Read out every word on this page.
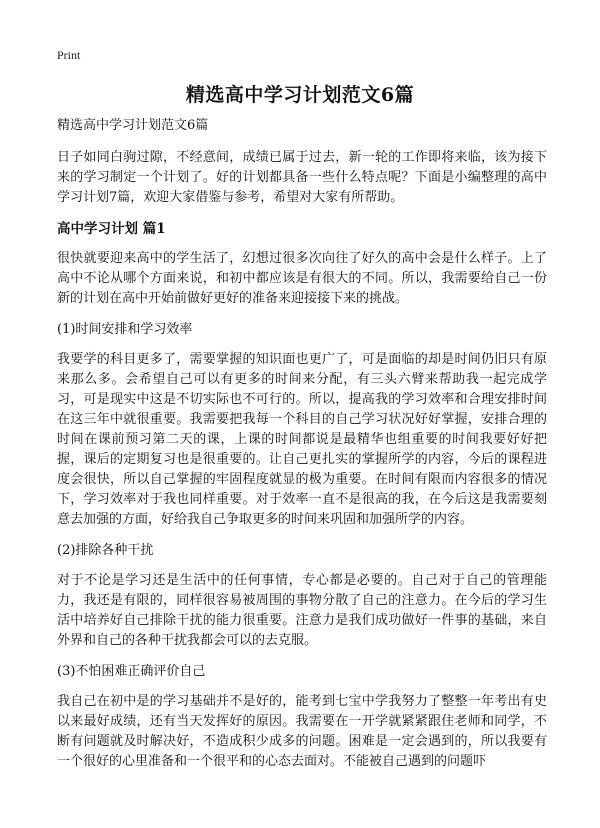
Print
精选高中学习计划范文6篇

精选高中学习计划范文6篇

日子如同白驹过隙，不经意间，成绩已属于过去，新一轮的工作即将来临，该为接下来的学习制定一个计划了。好的计划都具备一些什么特点呢？下面是小编整理的高中学习计划7篇，欢迎大家借鉴与参考，希望对大家有所帮助。

高中学习计划 篇1

很快就要迎来高中的学生活了，幻想过很多次向往了好久的高中会是什么样子。上了高中不论从哪个方面来说，和初中都应该是有很大的不同。所以，我需要给自己一份新的计划在高中开始前做好更好的准备来迎接接下来的挑战。

(1)时间安排和学习效率

我要学的科目更多了，需要掌握的知识面也更广了，可是面临的却是时间仍旧只有原来那么多。会希望自己可以有更多的时间来分配，有三头六臂来帮助我一起完成学习，可是现实中这是不切实际也不可行的。所以，提高我的学习效率和合理安排时间在这三年中就很重要。我需要把我每一个科目的自己学习状况好好掌握，安排合理的时间在课前预习第二天的课，上课的时间都说是最精华也组重要的时间我要好好把握，课后的定期复习也是很重要的。让自己更扎实的掌握所学的内容，今后的课程进度会很快，所以自己掌握的牢固程度就显的极为重要。在时间有限而内容很多的情况下，学习效率对于我也同样重要。对于效率一直不是很高的我，在今后这是我需要刻意去加强的方面，好给我自己争取更多的时间来巩固和加强所学的内容。

(2)排除各种干扰

对于不论是学习还是生活中的任何事情，专心都是必要的。自己对于自己的管理能力，我还是有限的，同样很容易被周围的事物分散了自己的注意力。在今后的学习生活中培养好自己排除干扰的能力很重要。注意力是我们成功做好一件事的基础，来自外界和自己的各种干扰我都会可以的去克服。

(3)不怕困难正确评价自己

我自己在初中是的学习基础并不是好的，能考到七宝中学我努力了整整一年考出有史以来最好成绩，还有当天发挥好的原因。我需要在一开学就紧紧跟住老师和同学，不断有问题就及时解决好，不造成积少成多的问题。困难是一定会遇到的，所以我要有一个很好的心里准备和一个很平和的心态去面对。不能被自己遇到的问题吓
